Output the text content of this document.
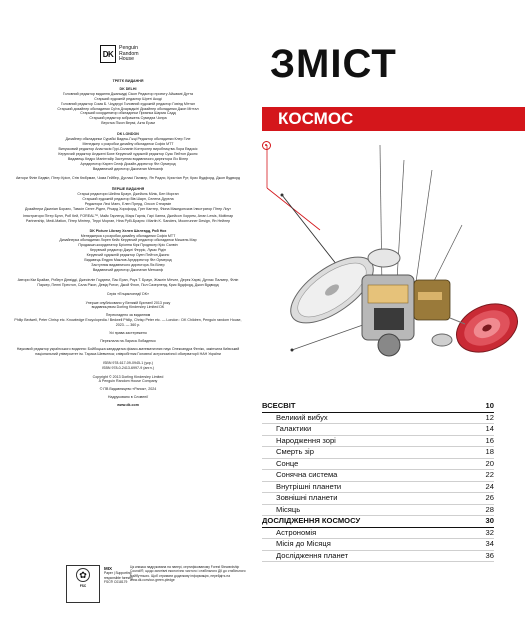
DK
Penguin
Random
House
ТРЕТЄ ВИДАННЯ
DK DELHI
Головний редактор видання Джаншуді Сікон Редактор проекту Айшвані Дутта
Старший художній редактор Шреті Акоді
Головний редактор Сома Б. Чоудхурі Головний художній редактор Говінд Міттал
Старший дизайнер обкладинки Суїта Дхармджіті Дизайнер обкладинки Джон Міттал
Старший координатор обкладинки Приянка Шарма Садд
Старший редактор зображень Сумедха Чопра
Верстка Пікон Вермі, Акта Ерам
DK LONDON
Дизайнер обкладинки Сурабкі Вадеш-Гжці Редактор обкладинки Клер Гіле
Менеджер з розробки дизайну обкладинки Софія МТТ
Випусковий редактор Анастасія Гурі-Силанін Контролер виробництва Лора Евдокіс
Керуючий редактор Анджелі Бохе Керуючий художній редактор Суяк Пейтон Джонс
Видавець Кедро Манінтайр Заступник видавничого директора Ліз Вілер
Артдиректор Карен Селф Дизайн-директор Філ Ормерод
Видавничий директор Джонатан Меткалф
Автори Філіп Бедвіл, Пітер Крісп, Стів Кюбрман, Чома Гейбер, Дугласі Палмер, Ян Ридли, Кристіан Рут, Крис Вудфорд, Джон Вудворд
ПЕРШЕ ВИДАННЯ
Старші редактори Шейла Браун, Джейоль Мілік, Бен Морган
Старший художній редактор Вів Шарп, Селена Дурела
Редактори Лесі Манч, Елен Прерд, Олсон Стеармін
Дизайнери Джиліан Боранс, Тамсін Сенгт-Рідел, Річард Хорсфорд, Грег Кантер, Фіона Македонсков Ілюстратор Пітер Лоут
Ілюстратори Пітер Булл, Роб Кей, FOREAL™, Майк Гарленд, Марк Гарлік, Гарі Ханна, Джейсон Хоррем, Arran Lewis, Moltimap Partnership, Medi-Mation, Пітер Мінітер, Террі Морган, Ніна Рубі-Браунс і Martin K. Sanders, Moonrunner Design, Ян Нейлер
DK Picture Library Хелен Шелтард, Рой Нох
Менеджерка з розробки дизайну обкладинки Софія МТТ
Дизайнерка обкладинки Лорен Кейс Керуючий редактор обкладинки Мишель Мар
Продакшн-координатор Бріонна Кірк Продюсер Кріс Салвін
Керуючий редактор Джулі Ферріс, Лукас Рідін
Керуючий художній редактор Оуен Пейтон Джонс
Видавець Ендрю Маклов Артдиректор Філ Ормерод
Заступник видавничого директора Ліз Вілер
Видавничий директор Джонатан Меткалф
Автори Кім Брайан, Роберт Дінвідді, Джесіплін Гоудхем, Пас Еран, Роуз Т. Браун, Жаклін Мітчел, Дерек Харві, Дуглас Палмер, Філіп Паркер, Пенні Престон, Сала Рікон, Девід Ротон, Джой Флон, Пол Сазерленд, Крис Вудфорд, Джон Вудворд
Серія «Енциклопедії DK»
Уперше опубліковано у Великій Британії 2013 року
видавництвом Dorling Kindersley Limited DK
Перекладено за виданням
Philip Bedwell, Peter Chrisp etc. Knowledge Encyclopedia / Bedwell Philip, Chrisp Peter etc. — London : DK Children, Penguin random House, 2023. — 360 p.
Усі права застережено
Переклала на Лариса Лобаденко
Науковий редактор українського видання: Бойбоцька кандидатка фізико-математичних наук Олександра Фелікс, закінчила Київський національний університет ім. Тараса Шевченка; співробітник Головної астрономічної обсерваторії НАН України
ISBN 978-617-09-0945-1 (укр.)
ISBN 978-0-2413-6997-9 (англ.)
Copyright © 2013 Dorling Kindersley Limited
A Penguin Random House Company
© ПВ Видавництво «Ранок», 2024
Надруковано в Словенії
www.dk.com
✿
FSC
MIX
Paper | Supporting
responsible forestry
FSC® C018179
Ця книжка надрукована на папері, сертифікованому Forest Stewardship Council®, щодо заготівлі екологічно чистого і стабільного ДК до стабільного майбутнього. Щоб отримати додаткову інформацію, перейдіть на www.dk.com/our-green-pledge
ЗМІСТ
КОСМОС
ВСЕСВІТ	10
Великий вибух	12
Галактики	14
Народження зорі	16
Смерть зір	18
Сонце	20
Сонячна система	22
Внутрішні планети	24
Зовнішні планети	26
Місяць	28
ДОСЛІДЖЕННЯ КОСМОСУ	30
Астрономія	32
Місія до Місяця	34
Дослідження планет	36
